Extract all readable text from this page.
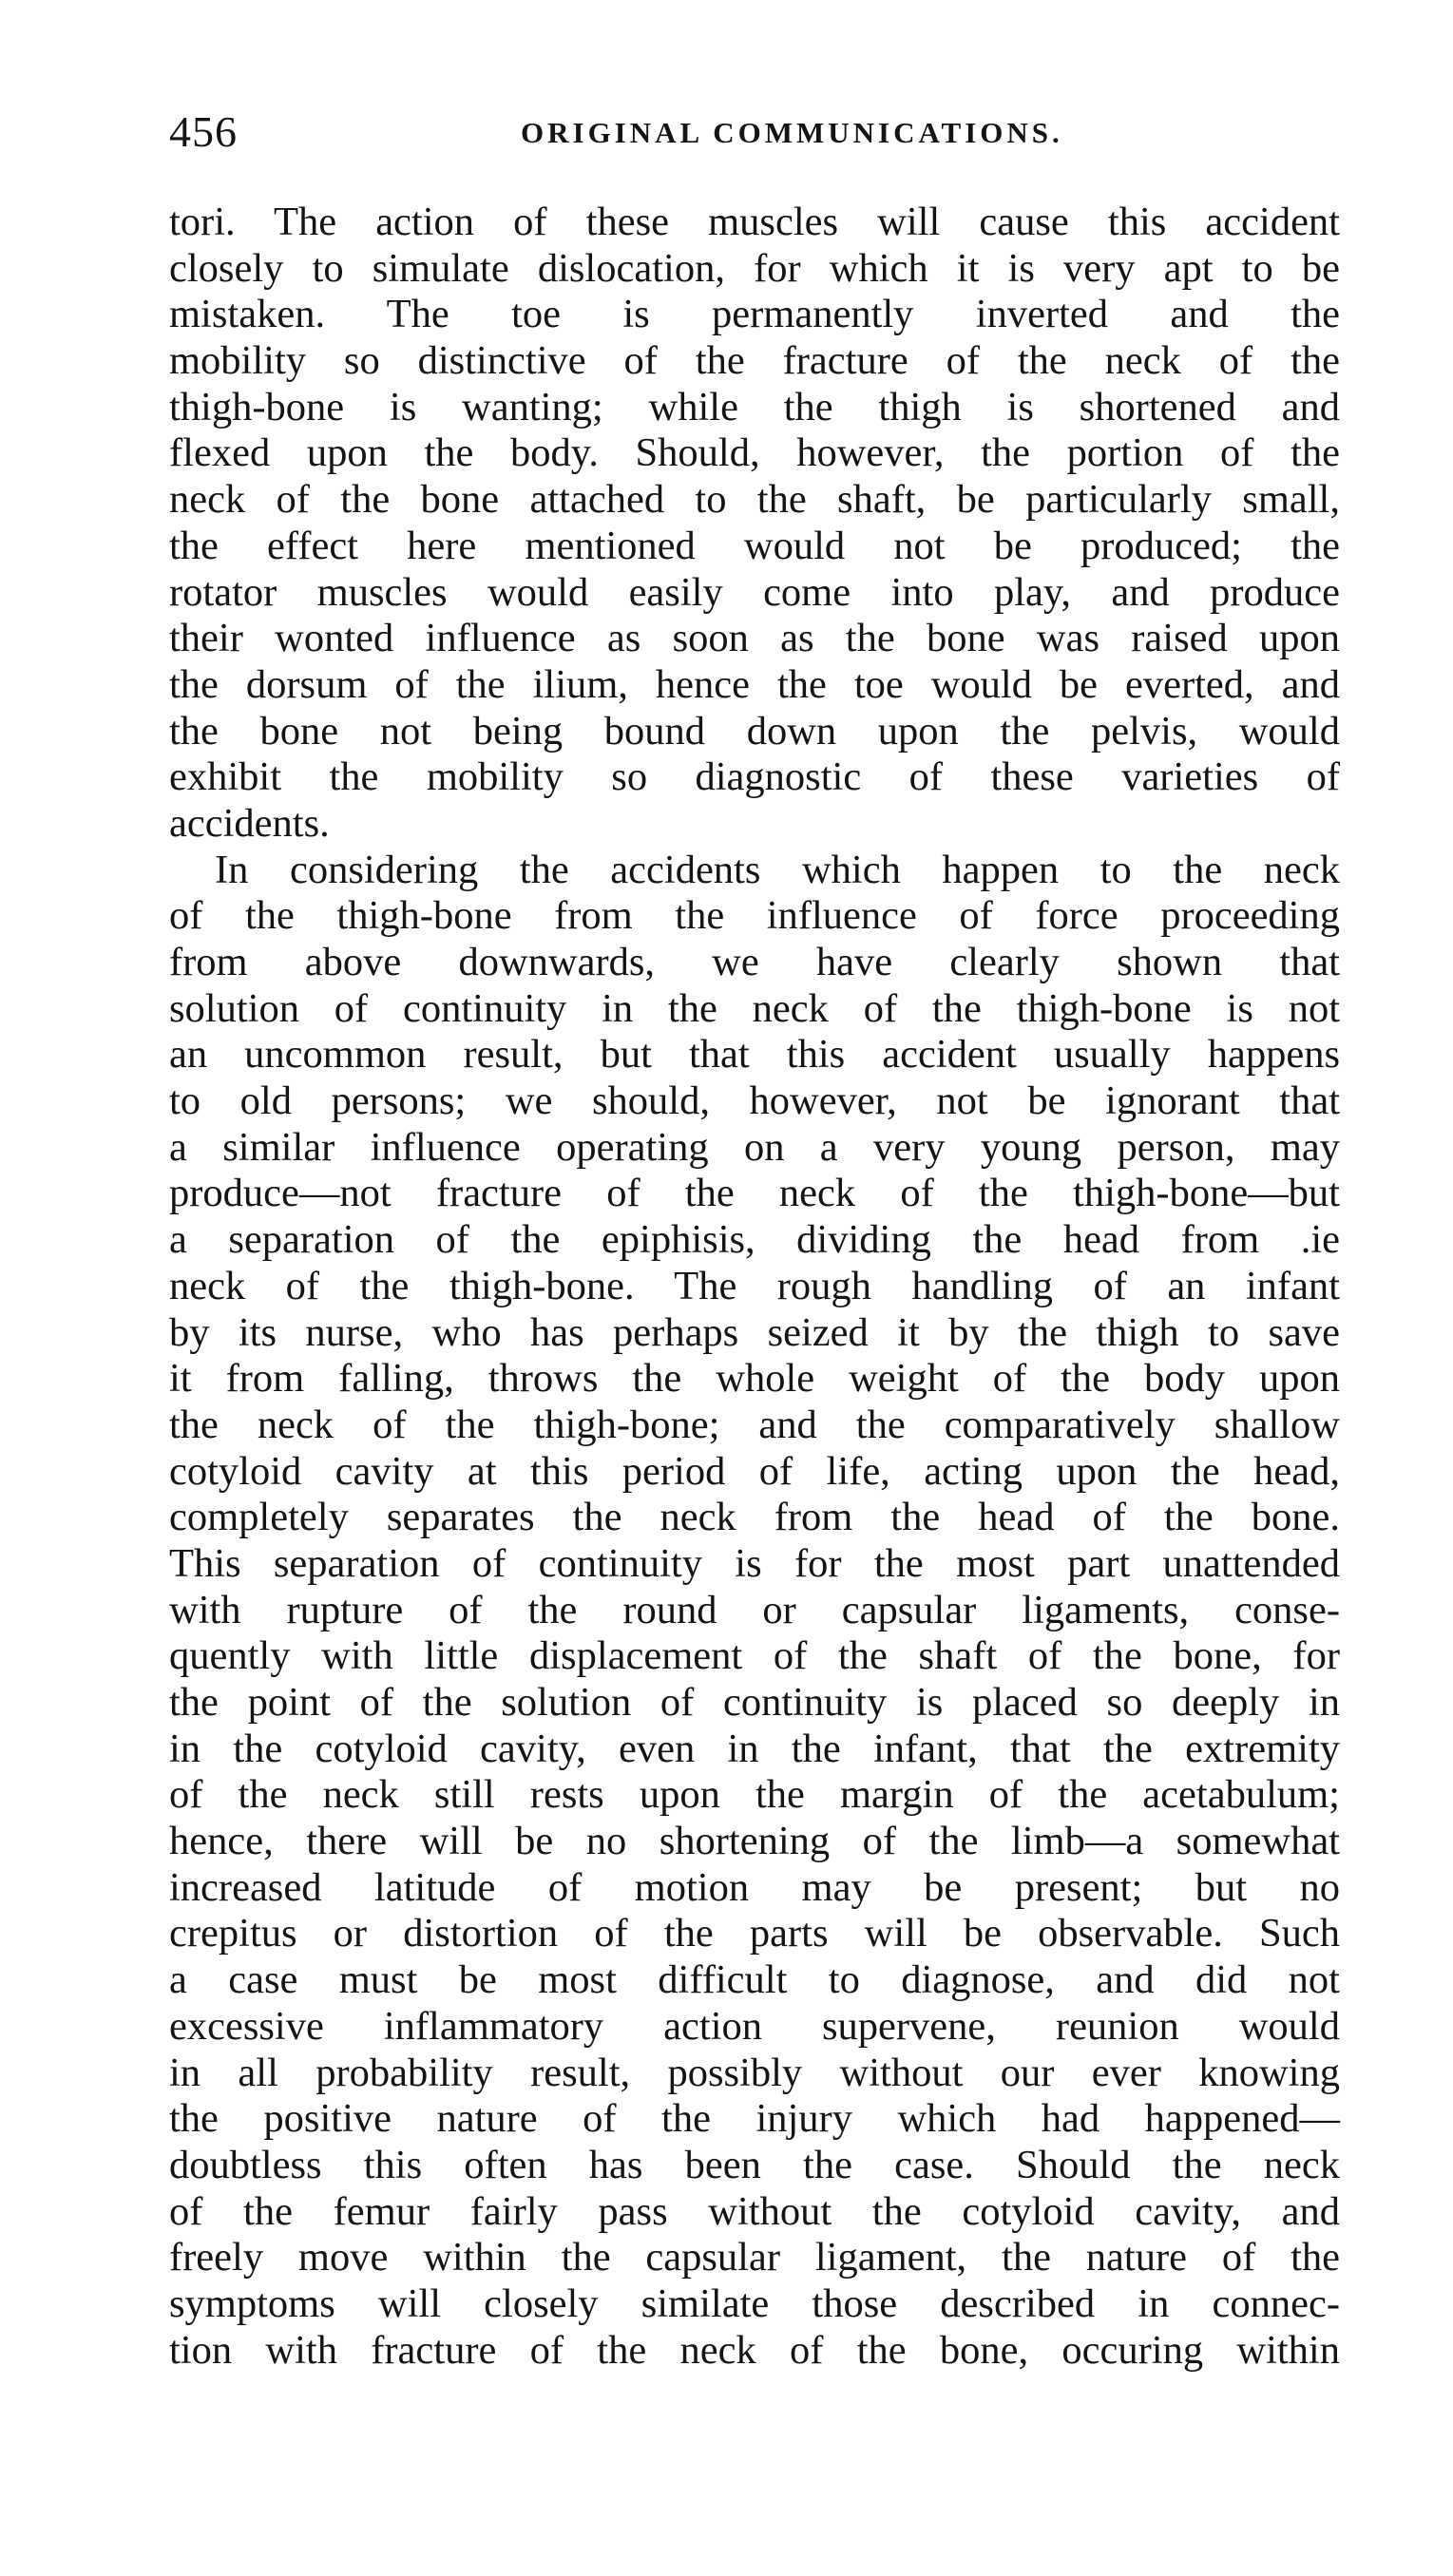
456	ORIGINAL COMMUNICATIONS.
tori. The action of these muscles will cause this accident
closely to simulate dislocation, for which it is very apt to be
mistaken. The toe is permanently inverted and the
mobility so distinctive of the fracture of the neck of the
thigh-bone is wanting; while the thigh is shortened and
flexed upon the body. Should, however, the portion of the
neck of the bone attached to the shaft, be particularly small,
the effect here mentioned would not be produced; the
rotator muscles would easily come into play, and produce
their wonted influence as soon as the bone was raised upon
the dorsum of the ilium, hence the toe would be everted, and
the bone not being bound down upon the pelvis, would
exhibit the mobility so diagnostic of these varieties of
accidents.
In considering the accidents which happen to the neck
of the thigh-bone from the influence of force proceeding
from above downwards, we have clearly shown that
solution of continuity in the neck of the thigh-bone is not
an uncommon result, but that this accident usually happens
to old persons; we should, however, not be ignorant that
a similar influence operating on a very young person, may
produce—not fracture of the neck of the thigh-bone—but
a separation of the epiphisis, dividing the head from .ie
neck of the thigh-bone. The rough handling of an infant
by its nurse, who has perhaps seized it by the thigh to save
it from falling, throws the whole weight of the body upon
the neck of the thigh-bone; and the comparatively shallow
cotyloid cavity at this period of life, acting upon the head,
completely separates the neck from the head of the bone.
This separation of continuity is for the most part unattended
with rupture of the round or capsular ligaments, conse-
quently with little displacement of the shaft of the bone, for
the point of the solution of continuity is placed so deeply in
in the cotyloid cavity, even in the infant, that the extremity
of the neck still rests upon the margin of the acetabulum;
hence, there will be no shortening of the limb—a somewhat
increased latitude of motion may be present; but no
crepitus or distortion of the parts will be observable. Such
a case must be most difficult to diagnose, and did not
excessive inflammatory action supervene, reunion would
in all probability result, possibly without our ever knowing
the positive nature of the injury which had happened—
doubtless this often has been the case. Should the neck
of the femur fairly pass without the cotyloid cavity, and
freely move within the capsular ligament, the nature of the
symptoms will closely similate those described in connec-
tion with fracture of the neck of the bone, occuring within
